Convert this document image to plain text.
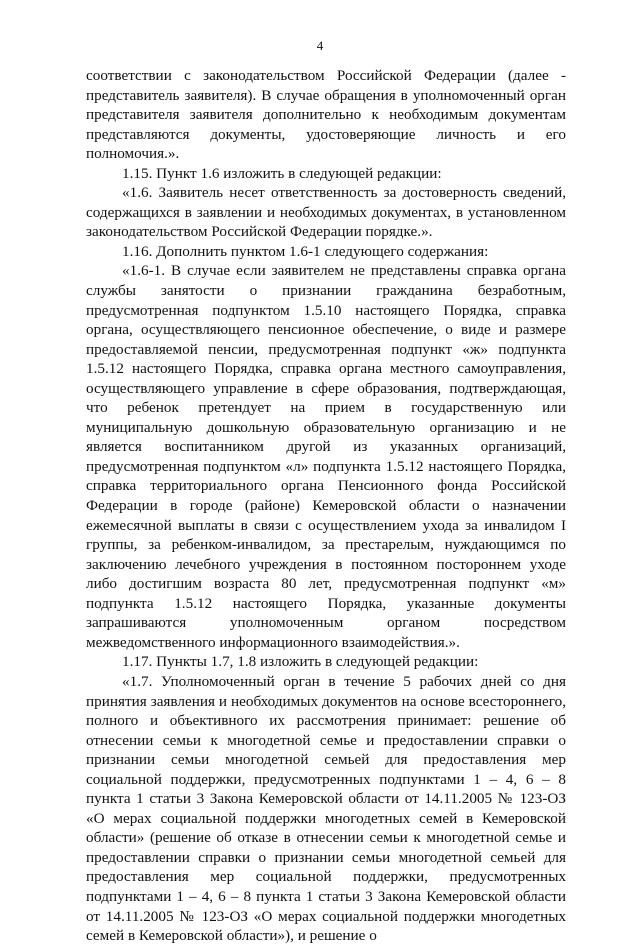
4

соответствии с законодательством Российской Федерации (далее - представитель заявителя). В случае обращения в уполномоченный орган представителя заявителя дополнительно к необходимым документам представляются документы, удостоверяющие личность и его полномочия.».

1.15. Пункт 1.6 изложить в следующей редакции:

«1.6. Заявитель несет ответственность за достоверность сведений, содержащихся в заявлении и необходимых документах, в установленном законодательством Российской Федерации порядке.».

1.16. Дополнить пунктом 1.6-1 следующего содержания:

«1.6-1. В случае если заявителем не представлены справка органа службы занятости о признании гражданина безработным, предусмотренная подпунктом 1.5.10 настоящего Порядка, справка органа, осуществляющего пенсионное обеспечение, о виде и размере предоставляемой пенсии, предусмотренная подпункт «ж» подпункта 1.5.12 настоящего Порядка, справка органа местного самоуправления, осуществляющего управление в сфере образования, подтверждающая, что ребенок претендует на прием в государственную или муниципальную дошкольную образовательную организацию и не является воспитанником другой из указанных организаций, предусмотренная подпунктом «л» подпункта 1.5.12 настоящего Порядка, справка территориального органа Пенсионного фонда Российской Федерации в городе (районе) Кемеровской области о назначении ежемесячной выплаты в связи с осуществлением ухода за инвалидом I группы, за ребенком-инвалидом, за престарелым, нуждающимся по заключению лечебного учреждения в постоянном постороннем уходе либо достигшим возраста 80 лет, предусмотренная подпункт «м» подпункта 1.5.12 настоящего Порядка, указанные документы запрашиваются уполномоченным органом посредством межведомственного информационного взаимодействия.».

1.17. Пункты 1.7, 1.8 изложить в следующей редакции:

«1.7. Уполномоченный орган в течение 5 рабочих дней со дня принятия заявления и необходимых документов на основе всестороннего, полного и объективного их рассмотрения принимает: решение об отнесении семьи к многодетной семье и предоставлении справки о признании семьи многодетной семьей для предоставления мер социальной поддержки, предусмотренных подпунктами 1 – 4, 6 – 8 пункта 1 статьи 3 Закона Кемеровской области от 14.11.2005 № 123-ОЗ «О мерах социальной поддержки многодетных семей в Кемеровской области» (решение об отказе в отнесении семьи к многодетной семье и предоставлении справки о признании семьи многодетной семьей для предоставления мер социальной поддержки, предусмотренных подпунктами 1 – 4, 6 – 8 пункта 1 статьи 3 Закона Кемеровской области от 14.11.2005 № 123-ОЗ «О мерах социальной поддержки многодетных семей в Кемеровской области»), и решение о
